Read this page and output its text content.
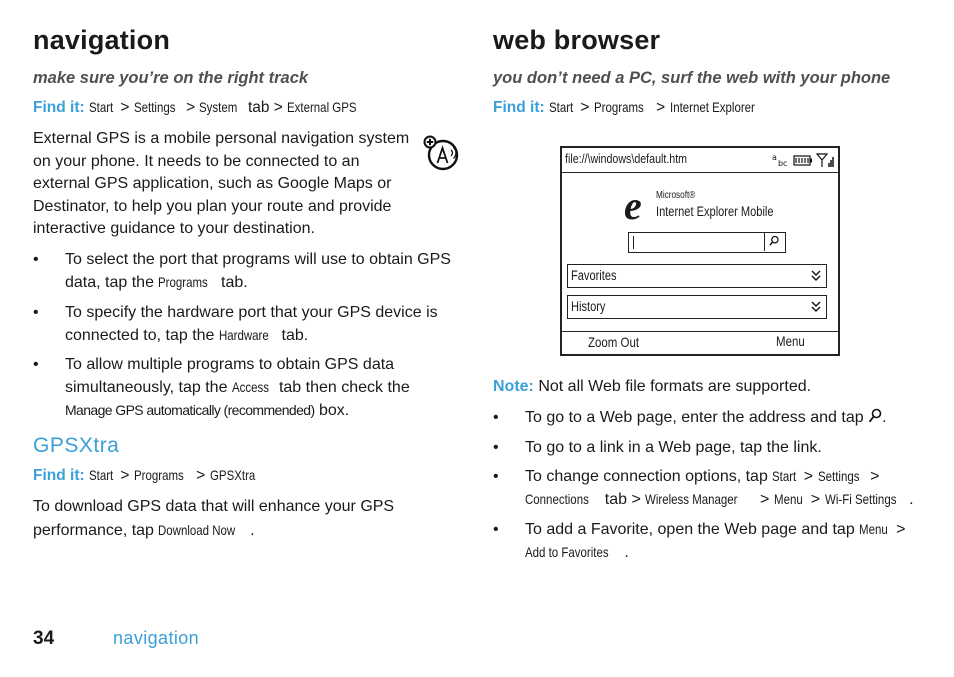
navigation

make sure you’re on the right track

Find it: Start > Settings > System tab > External GPS

External GPS is a mobile personal navigation system on your phone. It needs to be connected to an external GPS application, such as Google Maps or Destinator, to help you plan your route and provide interactive guidance to your destination.

• To select the port that programs will use to obtain GPS data, tap the Programs tab.
• To specify the hardware port that your GPS device is connected to, tap the Hardware tab.
• To allow multiple programs to obtain GPS data simultaneously, tap the Access tab then check the Manage GPS automatically (recommended) box.
GPSXtra

Find it: Start > Programs > GPSXtra

To download GPS data that will enhance your GPS performance, tap Download Now .

web browser

you don’t need a PC, surf the web with your phone

Find it: Start > Programs > Internet Explorer

Note: Not all Web file formats are supported.

• To go to a Web page, enter the address and tap .
• To go to a link in a Web page, tap the link.
• To change connection options, tap Start > Settings > Connections tab > Wireless Manager > Menu > Wi-Fi Settings .
• To add a Favorite, open the Web page and tap Menu > Add to Favorites .
file://\windows\default.htm	a
b c
e Microsoft®
Internet Explorer Mobile
Favorites
History
Zoom Out	Menu
34	navigation
